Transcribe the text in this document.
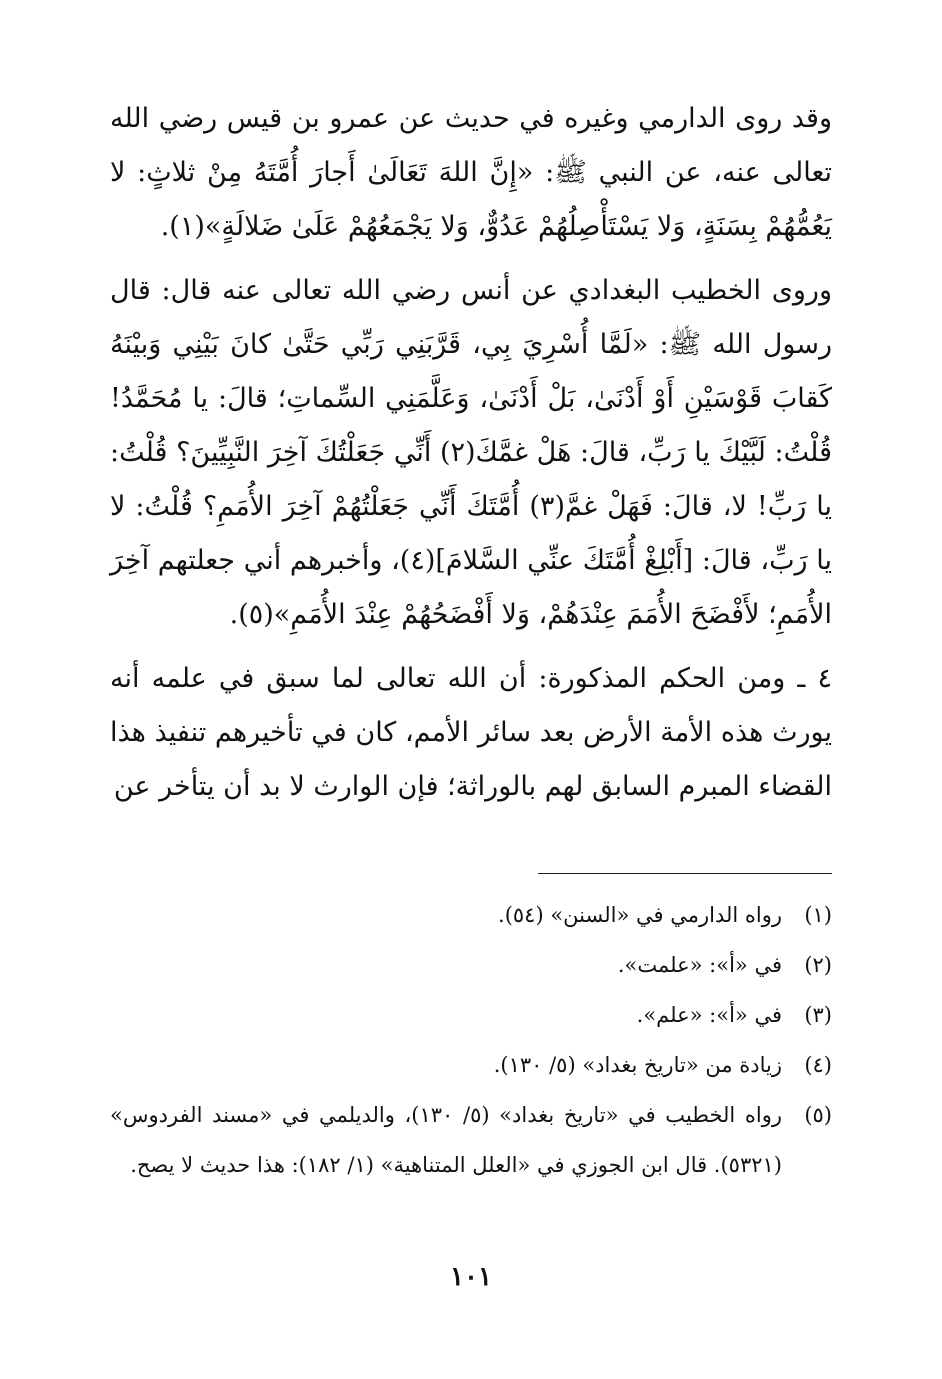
وقد روى الدارمي وغيره في حديث عن عمرو بن قيس رضي الله تعالى عنه، عن النبي ﷺ: «إِنَّ اللهَ تَعَالَىٰ أَجارَ أُمَّتَهُ مِنْ ثلاثٍ: لا يَعُمُّهُمْ بِسَنَةٍ، وَلا يَسْتَأْصِلُهُمْ عَدُوٌّ، وَلا يَجْمَعُهُمْ عَلَىٰ ضَلالَةٍ»(١).

وروى الخطيب البغدادي عن أنس رضي الله تعالى عنه قال: قال رسول الله ﷺ: «لَمَّا أُسْرِيَ بِي، قَرَّبَنِي رَبِّي حَتَّىٰ كانَ بَيْنِي وَبيْنَهُ كَقابَ قَوْسَيْنِ أَوْ أَدْنَىٰ، بَلْ أَدْنَىٰ، وَعَلَّمَنِي السِّماتِ؛ قالَ: يا مُحَمَّدُ! قُلْتُ: لَبَّيْكَ يا رَبِّ، قالَ: هَلْ غمَّكَ(٢) أَنِّي جَعَلْتُكَ آخِرَ النَّبِيِّينَ؟ قُلْتُ: يا رَبِّ! لا، قالَ: فَهَلْ غمَّ(٣) أُمَّتَكَ أَنِّي جَعَلْتُهُمْ آخِرَ الأُمَمِ؟ قُلْتُ: لا يا رَبِّ، قالَ: [أَبْلِغْ أُمَّتَكَ عنِّي السَّلامَ](٤)، وأخبرهم أني جعلتهم آخِرَ الأُمَمِ؛ لأَفْضَحَ الأُمَمَ عِنْدَهُمْ، وَلا أَفْضَحُهُمْ عِنْدَ الأُمَمِ»(٥).

٤ ـ ومن الحكم المذكورة: أن الله تعالى لما سبق في علمه أنه يورث هذه الأمة الأرض بعد سائر الأمم، كان في تأخيرهم تنفيذ هذا القضاء المبرم السابق لهم بالوراثة؛ فإن الوارث لا بد أن يتأخر عن

(١)
رواه الدارمي في «السنن» (٥٤).

(٢)
في «أ»: «علمت».

(٣)
في «أ»: «علم».

(٤)
زيادة من «تاريخ بغداد» (٥/ ١٣٠).

(٥)
رواه الخطيب في «تاريخ بغداد» (٥/ ١٣٠)، والديلمي في «مسند الفردوس» (٥٣٢١). قال ابن الجوزي في «العلل المتناهية» (١/ ١٨٢): هذا حديث لا يصح.

١٠١
